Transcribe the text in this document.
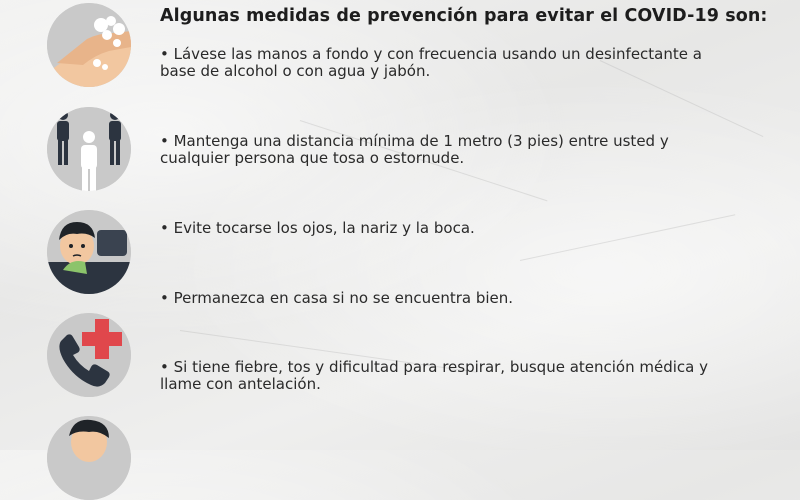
Algunas medidas de prevención para evitar el COVID-19 son:
• Lávese las manos a fondo y con frecuencia usando un desinfectante a
base de alcohol o con agua y jabón.
• Mantenga una distancia mínima de 1 metro (3 pies) entre usted y
cualquier persona que tosa o estornude.
• Evite tocarse los ojos, la nariz y la boca.
• Permanezca en casa si no se encuentra bien.
• Si tiene fiebre, tos y dificultad para respirar, busque atención médica y
llame con antelación.
